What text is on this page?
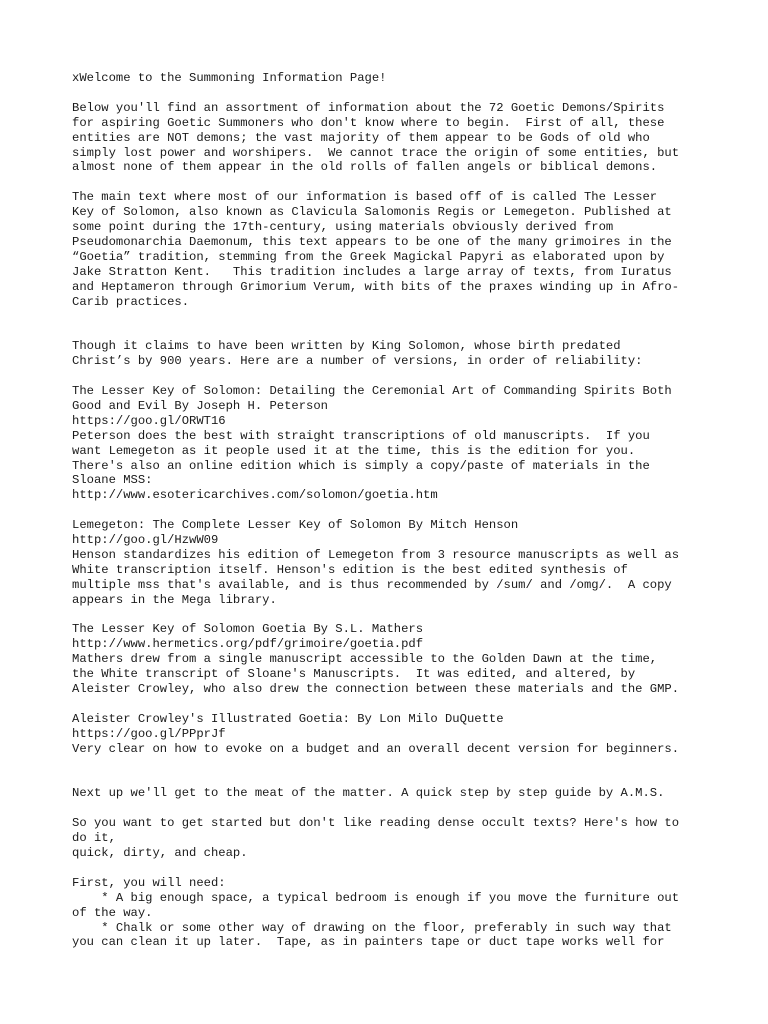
xWelcome to the Summoning Information Page!
Below you'll find an assortment of information about the 72 Goetic Demons/Spirits
for aspiring Goetic Summoners who don't know where to begin.  First of all, these
entities are NOT demons; the vast majority of them appear to be Gods of old who
simply lost power and worshipers.  We cannot trace the origin of some entities, but
almost none of them appear in the old rolls of fallen angels or biblical demons.
The main text where most of our information is based off of is called The Lesser
Key of Solomon, also known as Clavicula Salomonis Regis or Lemegeton. Published at
some point during the 17th-century, using materials obviously derived from
Pseudomonarchia Daemonum, this text appears to be one of the many grimoires in the
“Goetia” tradition, stemming from the Greek Magickal Papyri as elaborated upon by
Jake Stratton Kent.   This tradition includes a large array of texts, from Iuratus
and Heptameron through Grimorium Verum, with bits of the praxes winding up in Afro-
Carib practices.
Though it claims to have been written by King Solomon, whose birth predated
Christ’s by 900 years. Here are a number of versions, in order of reliability:
The Lesser Key of Solomon: Detailing the Ceremonial Art of Commanding Spirits Both
Good and Evil By Joseph H. Peterson
https://goo.gl/ORWT16
Peterson does the best with straight transcriptions of old manuscripts.  If you
want Lemegeton as it people used it at the time, this is the edition for you.
There's also an online edition which is simply a copy/paste of materials in the
Sloane MSS:
http://www.esotericarchives.com/solomon/goetia.htm
Lemegeton: The Complete Lesser Key of Solomon By Mitch Henson
http://goo.gl/HzwW09
Henson standardizes his edition of Lemegeton from 3 resource manuscripts as well as
White transcription itself. Henson's edition is the best edited synthesis of
multiple mss that's available, and is thus recommended by /sum/ and /omg/.  A copy
appears in the Mega library.
The Lesser Key of Solomon Goetia By S.L. Mathers
http://www.hermetics.org/pdf/grimoire/goetia.pdf
Mathers drew from a single manuscript accessible to the Golden Dawn at the time,
the White transcript of Sloane's Manuscripts.  It was edited, and altered, by
Aleister Crowley, who also drew the connection between these materials and the GMP.
Aleister Crowley's Illustrated Goetia: By Lon Milo DuQuette
https://goo.gl/PPprJf
Very clear on how to evoke on a budget and an overall decent version for beginners.
Next up we'll get to the meat of the matter. A quick step by step guide by A.M.S.
So you want to get started but don't like reading dense occult texts? Here's how to
do it,
quick, dirty, and cheap.
First, you will need:
* A big enough space, a typical bedroom is enough if you move the furniture out
of the way.
* Chalk or some other way of drawing on the floor, preferably in such way that
you can clean it up later.  Tape, as in painters tape or duct tape works well for
